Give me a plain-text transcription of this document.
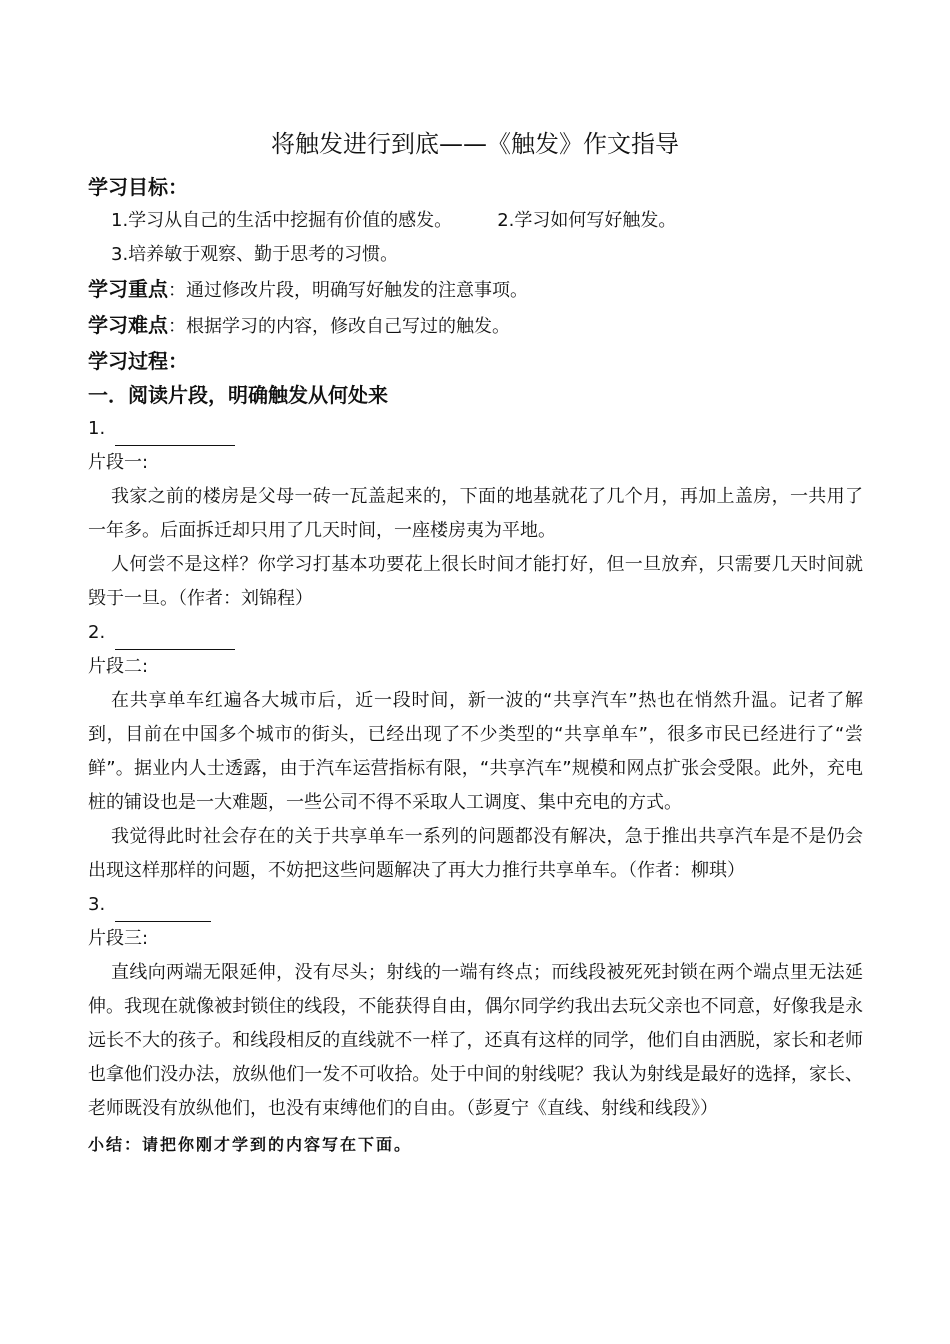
将触发进行到底——《触发》作文指导

学习目标：

1.学习从自己的生活中挖掘有价值的感发。	2.学习如何写好触发。

3.培养敏于观察、勤于思考的习惯。

学习重点：通过修改片段，明确写好触发的注意事项。

学习难点：根据学习的内容，修改自己写过的触发。

学习过程：

一．阅读片段，明确触发从何处来

1.

片段一:

我家之前的楼房是父母一砖一瓦盖起来的，下面的地基就花了几个月，再加上盖房，一共用了一年多。后面拆迁却只用了几天时间，一座楼房夷为平地。

人何尝不是这样？你学习打基本功要花上很长时间才能打好，但一旦放弃，只需要几天时间就毁于一旦。（作者：刘锦程）

2.

片段二:

在共享单车红遍各大城市后，近一段时间，新一波的“共享汽车”热也在悄然升温。记者了解到，目前在中国多个城市的街头，已经出现了不少类型的“共享单车”，很多市民已经进行了“尝鲜”。据业内人士透露，由于汽车运营指标有限，“共享汽车”规模和网点扩张会受限。此外，充电桩的铺设也是一大难题，一些公司不得不采取人工调度、集中充电的方式。

我觉得此时社会存在的关于共享单车一系列的问题都没有解决，急于推出共享汽车是不是仍会出现这样那样的问题，不妨把这些问题解决了再大力推行共享单车。（作者：柳琪）

3.

片段三:

直线向两端无限延伸，没有尽头；射线的一端有终点；而线段被死死封锁在两个端点里无法延伸。我现在就像被封锁住的线段，不能获得自由，偶尔同学约我出去玩父亲也不同意，好像我是永远长不大的孩子。和线段相反的直线就不一样了，还真有这样的同学，他们自由洒脱，家长和老师也拿他们没办法，放纵他们一发不可收拾。处于中间的射线呢？我认为射线是最好的选择，家长、老师既没有放纵他们，也没有束缚他们的自由。（彭夏宁《直线、射线和线段》）

小结：请把你刚才学到的内容写在下面。
